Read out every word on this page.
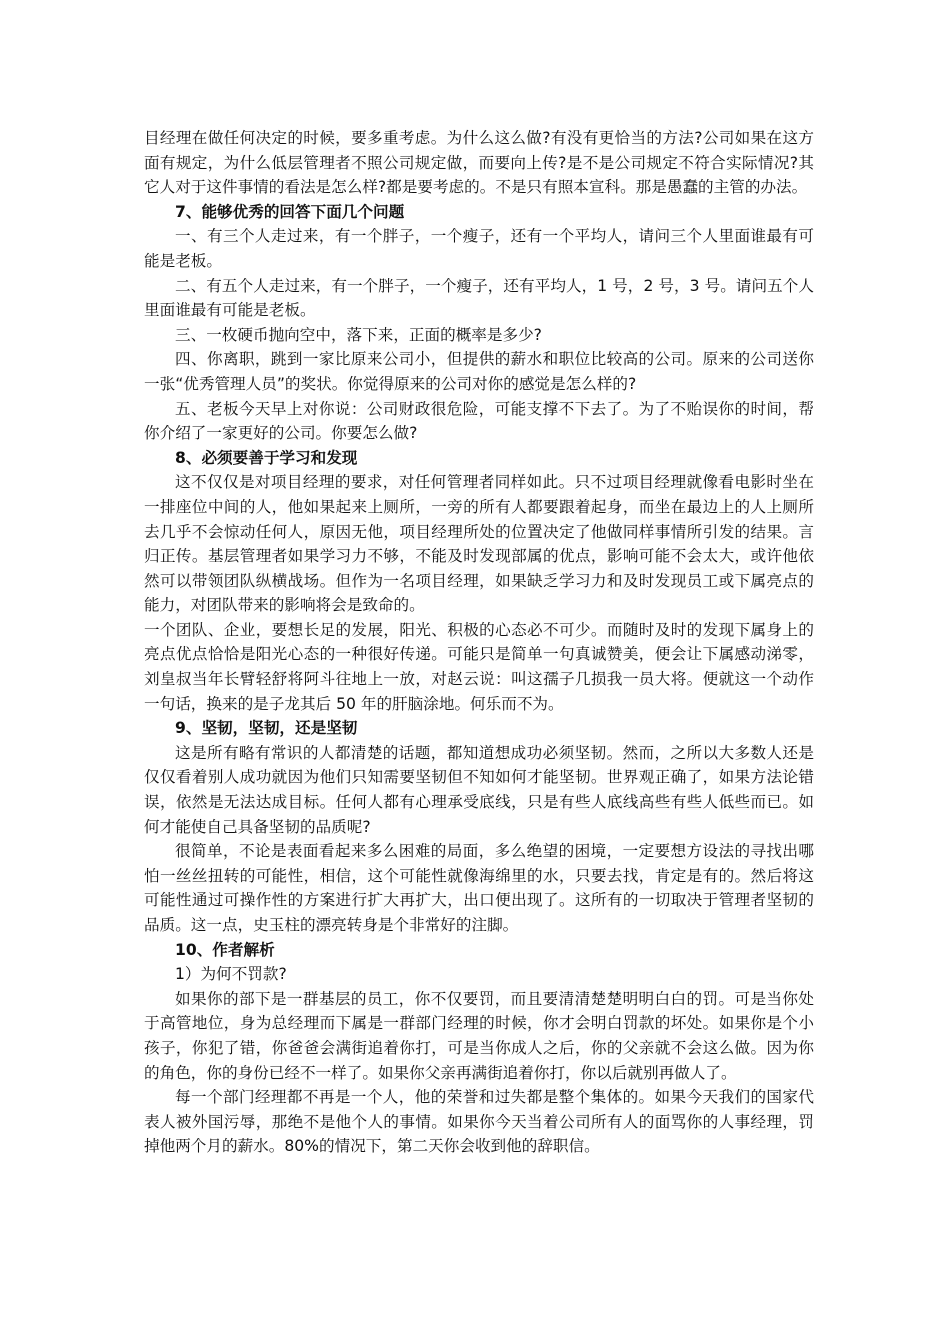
目经理在做任何决定的时候，要多重考虑。为什么这么做?有没有更恰当的方法?公司如果在这方面有规定，为什么低层管理者不照公司规定做，而要向上传?是不是公司规定不符合实际情况?其它人对于这件事情的看法是怎么样?都是要考虑的。不是只有照本宣科。那是愚蠢的主管的办法。

7、能够优秀的回答下面几个问题

一、有三个人走过来，有一个胖子，一个瘦子，还有一个平均人，请问三个人里面谁最有可能是老板。

二、有五个人走过来，有一个胖子，一个瘦子，还有平均人，1 号，2 号，3 号。请问五个人里面谁最有可能是老板。

三、一枚硬币抛向空中，落下来，正面的概率是多少?

四、你离职，跳到一家比原来公司小，但提供的薪水和职位比较高的公司。原来的公司送你一张“优秀管理人员”的奖状。你觉得原来的公司对你的感觉是怎么样的?

五、老板今天早上对你说：公司财政很危险，可能支撑不下去了。为了不贻误你的时间，帮你介绍了一家更好的公司。你要怎么做?

8、必须要善于学习和发现

这不仅仅是对项目经理的要求，对任何管理者同样如此。只不过项目经理就像看电影时坐在一排座位中间的人，他如果起来上厕所，一旁的所有人都要跟着起身，而坐在最边上的人上厕所去几乎不会惊动任何人，原因无他，项目经理所处的位置决定了他做同样事情所引发的结果。言归正传。基层管理者如果学习力不够，不能及时发现部属的优点，影响可能不会太大，或许他依然可以带领团队纵横战场。但作为一名项目经理，如果缺乏学习力和及时发现员工或下属亮点的能力，对团队带来的影响将会是致命的。

一个团队、企业，要想长足的发展，阳光、积极的心态必不可少。而随时及时的发现下属身上的亮点优点恰恰是阳光心态的一种很好传递。可能只是简单一句真诚赞美，便会让下属感动涕零，刘皇叔当年长臂轻舒将阿斗往地上一放，对赵云说：叫这孺子几损我一员大将。便就这一个动作一句话，换来的是子龙其后 50 年的肝脑涂地。何乐而不为。

9、坚韧，坚韧，还是坚韧

这是所有略有常识的人都清楚的话题，都知道想成功必须坚韧。然而，之所以大多数人还是仅仅看着别人成功就因为他们只知需要坚韧但不知如何才能坚韧。世界观正确了，如果方法论错误，依然是无法达成目标。任何人都有心理承受底线，只是有些人底线高些有些人低些而已。如何才能使自己具备坚韧的品质呢?

很简单，不论是表面看起来多么困难的局面，多么绝望的困境，一定要想方设法的寻找出哪怕一丝丝扭转的可能性，相信，这个可能性就像海绵里的水，只要去找，肯定是有的。然后将这可能性通过可操作性的方案进行扩大再扩大，出口便出现了。这所有的一切取决于管理者坚韧的品质。这一点，史玉柱的漂亮转身是个非常好的注脚。

10、作者解析

1）为何不罚款?

如果你的部下是一群基层的员工，你不仅要罚，而且要清清楚楚明明白白的罚。可是当你处于高管地位，身为总经理而下属是一群部门经理的时候，你才会明白罚款的坏处。如果你是个小孩子，你犯了错，你爸爸会满街追着你打，可是当你成人之后，你的父亲就不会这么做。因为你的角色，你的身份已经不一样了。如果你父亲再满街追着你打，你以后就别再做人了。

每一个部门经理都不再是一个人，他的荣誉和过失都是整个集体的。如果今天我们的国家代表人被外国污辱，那绝不是他个人的事情。如果你今天当着公司所有人的面骂你的人事经理，罚掉他两个月的薪水。80%的情况下，第二天你会收到他的辞职信。
